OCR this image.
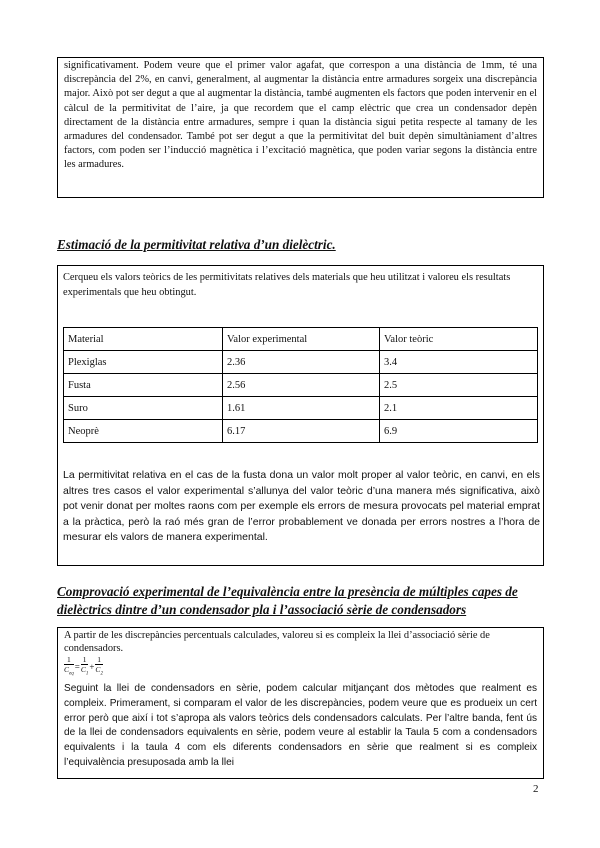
significativament. Podem veure que el primer valor agafat, que correspon a una distància de 1mm, té una discrepància del 2%, en canvi, generalment, al augmentar la distància entre armadures sorgeix una discrepància major. Això pot ser degut a que al augmentar la distància, també augmenten els factors que poden intervenir en el càlcul de la permitivitat de l’aire, ja que recordem que el camp elèctric que crea un condensador depèn directament de la distància entre armadures, sempre i quan la distància sigui petita respecte al tamany de les armadures del condensador. També pot ser degut a que la permitivitat del buit depèn simultàniament d’altres factors, com poden ser l’inducció magnètica i l’excitació magnètica, que poden variar segons la distància entre les armadures.
Estimació de la permitivitat relativa d’un dielèctric.
Cerqueu els valors teòrics de les permitivitats relatives dels materials que heu utilitzat i valoreu els resultats experimentals que heu obtingut.
Material	Valor experimental	Valor teòric
Plexiglas	2.36	3.4
Fusta	2.56	2.5
Suro	1.61	2.1
Neoprè	6.17	6.9
La permitivitat relativa en el cas de la fusta dona un valor molt proper al valor teòric, en canvi, en els altres tres casos el valor experimental s’allunya del valor teòric d’una manera més significativa, això pot venir donat per moltes raons com per exemple els errors de mesura provocats pel material emprat a la pràctica, però la raó més gran de l’error probablement ve donada per errors nostres a l’hora de mesurar els valors de manera experimental.
Comprovació experimental de l’equivalència entre la presència de múltiples capes de dielèctrics dintre d’un condensador pla i l’associació sèrie de condensadors
A partir de les discrepàncies percentuals calculades, valoreu si es compleix la llei d’associació sèrie de condensadors.
$\frac{1}{C_{eq}} = \frac{1}{C_1} + \frac{1}{C_2}$
Seguint la llei de condensadors en sèrie, podem calcular mitjançant dos mètodes que realment es compleix. Primerament, si comparam el valor de les discrepàncies, podem veure que es produeix un cert error però que així i tot s’apropa als valors teòrics dels condensadors calculats. Per l’altre banda, fent ús de la llei de condensadors equivalents en sèrie, podem veure al establir la Taula 5 com a condensadors equivalents i la taula 4 com els diferents condensadors en sèrie que realment si es compleix l’equivalència presuposada amb la llei
2
